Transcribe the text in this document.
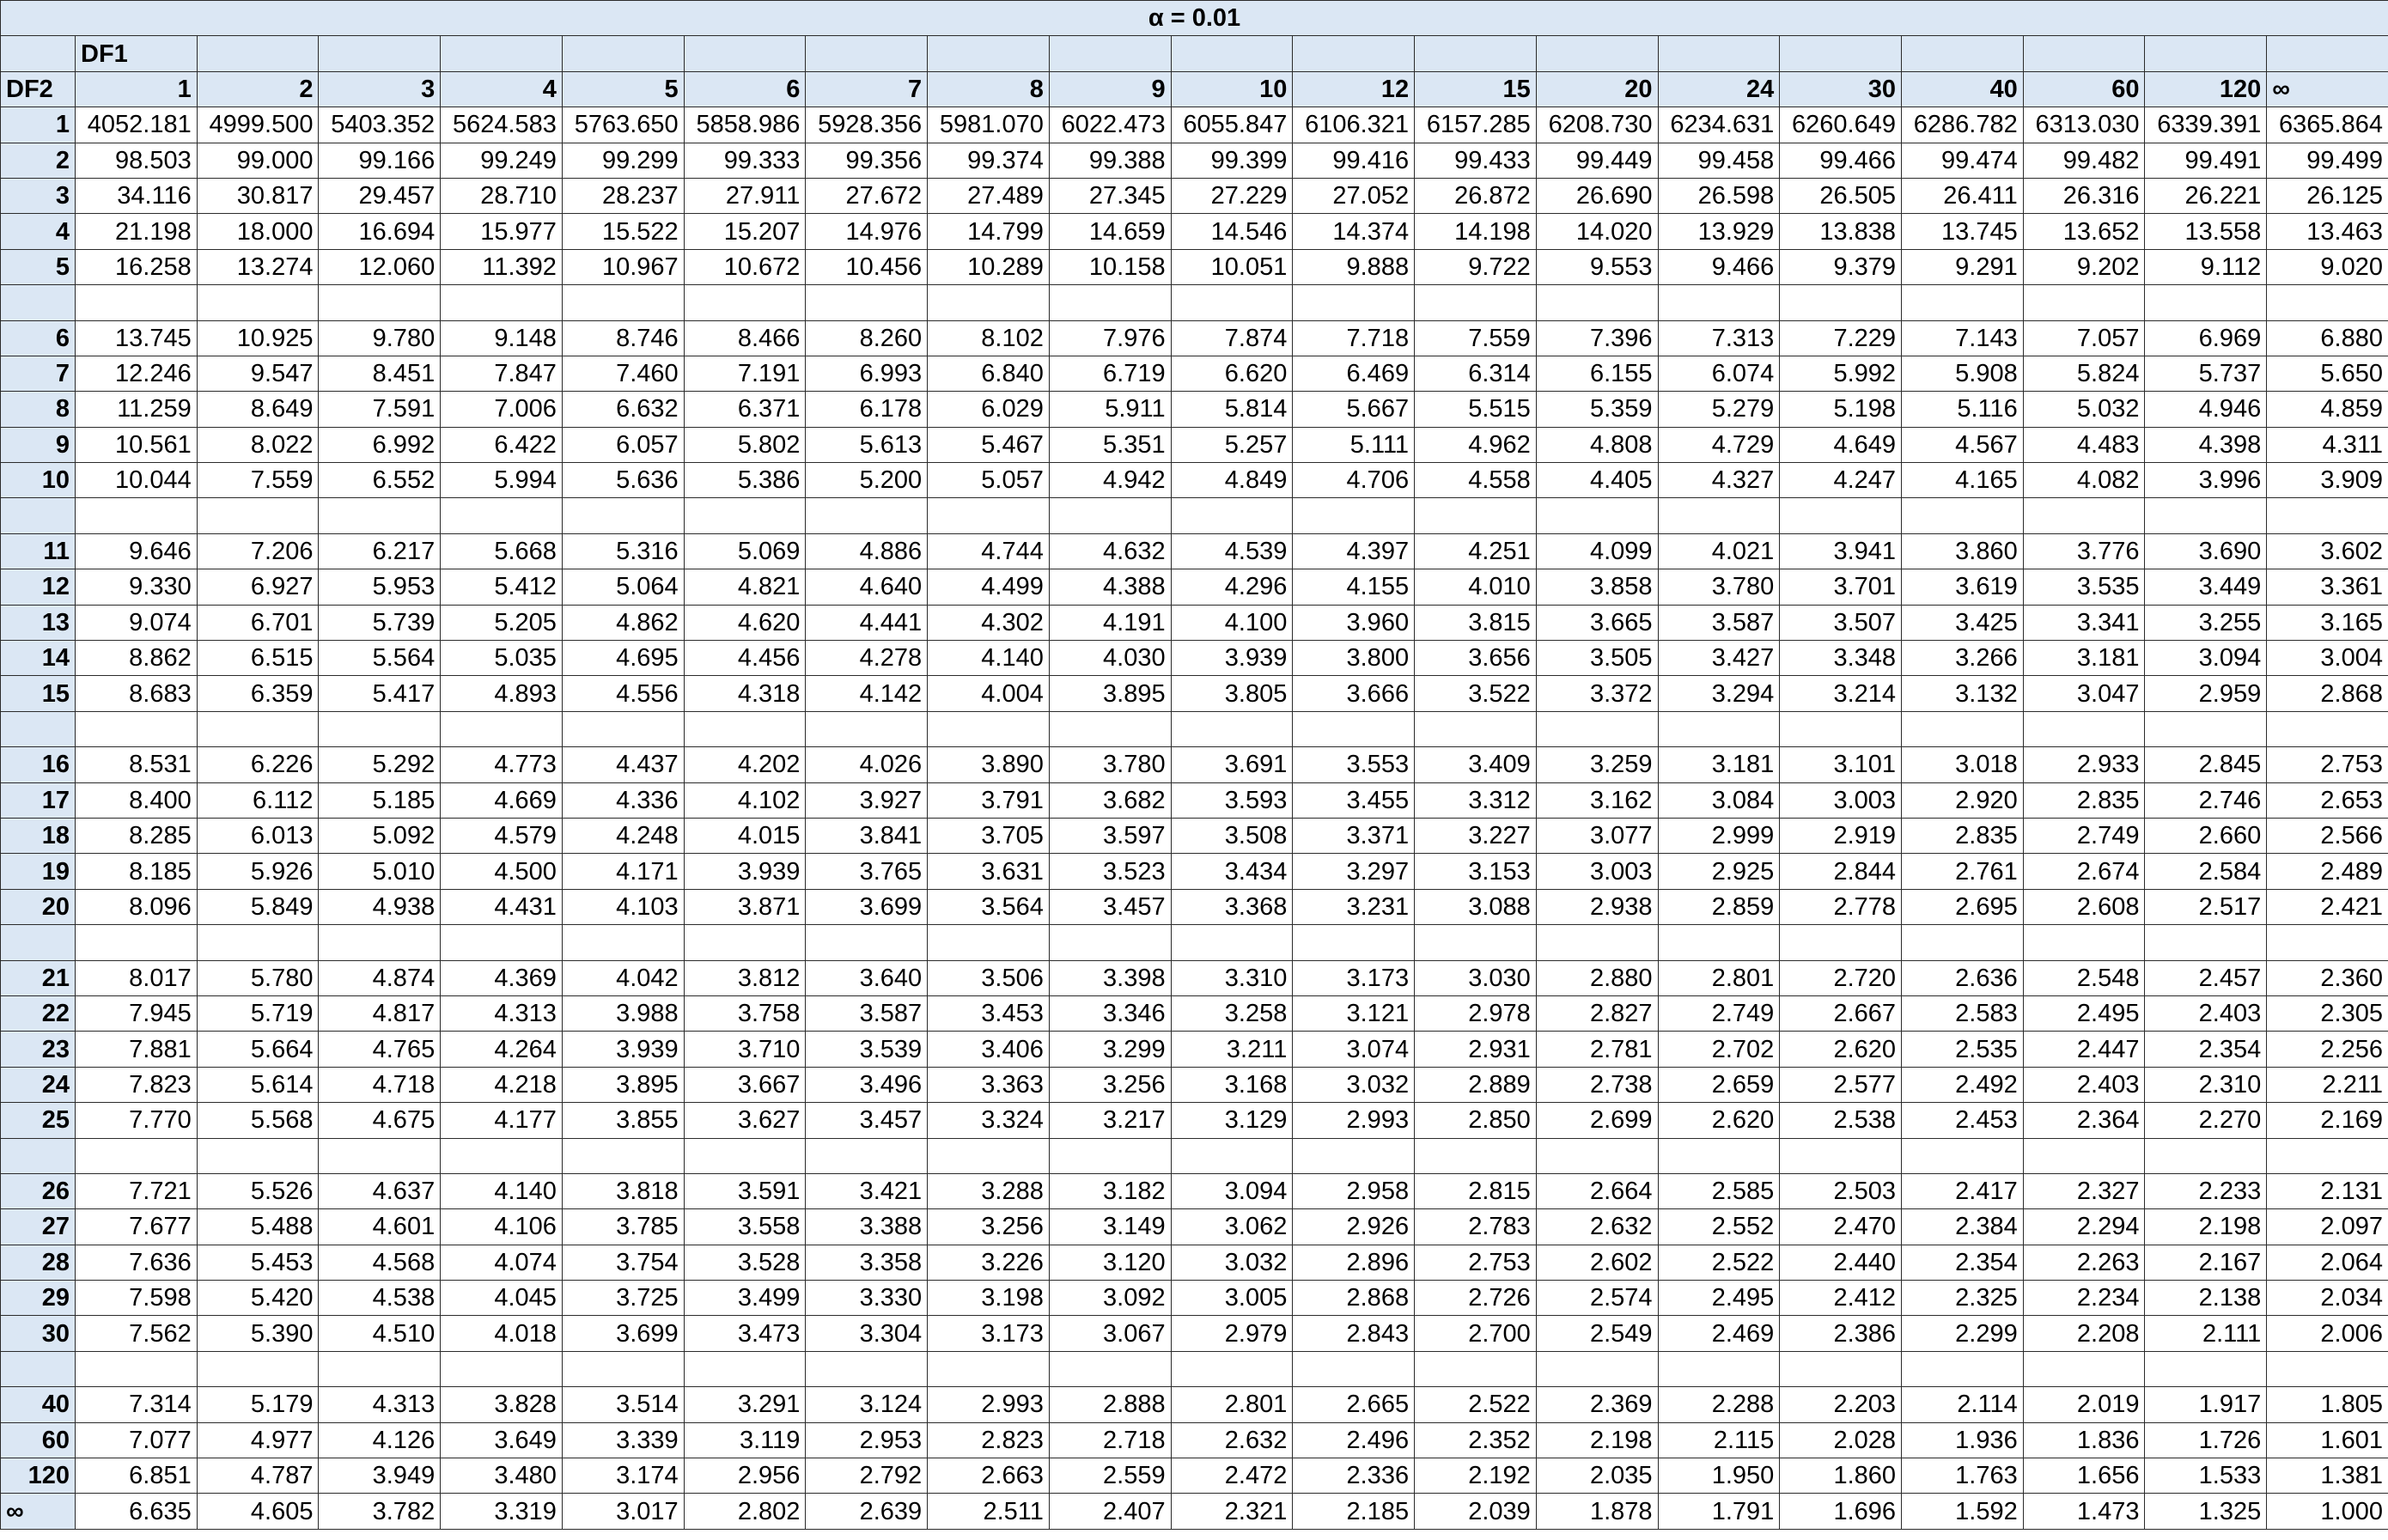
α = 0.01																			
	DF1																		
DF2	1	2	3	4	5	6	7	8	9	10	12	15	20	24	30	40	60	120	∞
1	4052.181	4999.500	5403.352	5624.583	5763.650	5858.986	5928.356	5981.070	6022.473	6055.847	6106.321	6157.285	6208.730	6234.631	6260.649	6286.782	6313.030	6339.391	6365.864
2	98.503	99.000	99.166	99.249	99.299	99.333	99.356	99.374	99.388	99.399	99.416	99.433	99.449	99.458	99.466	99.474	99.482	99.491	99.499
3	34.116	30.817	29.457	28.710	28.237	27.911	27.672	27.489	27.345	27.229	27.052	26.872	26.690	26.598	26.505	26.411	26.316	26.221	26.125
4	21.198	18.000	16.694	15.977	15.522	15.207	14.976	14.799	14.659	14.546	14.374	14.198	14.020	13.929	13.838	13.745	13.652	13.558	13.463
5	16.258	13.274	12.060	11.392	10.967	10.672	10.456	10.289	10.158	10.051	9.888	9.722	9.553	9.466	9.379	9.291	9.202	9.112	9.020

6	13.745	10.925	9.780	9.148	8.746	8.466	8.260	8.102	7.976	7.874	7.718	7.559	7.396	7.313	7.229	7.143	7.057	6.969	6.880
7	12.246	9.547	8.451	7.847	7.460	7.191	6.993	6.840	6.719	6.620	6.469	6.314	6.155	6.074	5.992	5.908	5.824	5.737	5.650
8	11.259	8.649	7.591	7.006	6.632	6.371	6.178	6.029	5.911	5.814	5.667	5.515	5.359	5.279	5.198	5.116	5.032	4.946	4.859
9	10.561	8.022	6.992	6.422	6.057	5.802	5.613	5.467	5.351	5.257	5.111	4.962	4.808	4.729	4.649	4.567	4.483	4.398	4.311
10	10.044	7.559	6.552	5.994	5.636	5.386	5.200	5.057	4.942	4.849	4.706	4.558	4.405	4.327	4.247	4.165	4.082	3.996	3.909

11	9.646	7.206	6.217	5.668	5.316	5.069	4.886	4.744	4.632	4.539	4.397	4.251	4.099	4.021	3.941	3.860	3.776	3.690	3.602
12	9.330	6.927	5.953	5.412	5.064	4.821	4.640	4.499	4.388	4.296	4.155	4.010	3.858	3.780	3.701	3.619	3.535	3.449	3.361
13	9.074	6.701	5.739	5.205	4.862	4.620	4.441	4.302	4.191	4.100	3.960	3.815	3.665	3.587	3.507	3.425	3.341	3.255	3.165
14	8.862	6.515	5.564	5.035	4.695	4.456	4.278	4.140	4.030	3.939	3.800	3.656	3.505	3.427	3.348	3.266	3.181	3.094	3.004
15	8.683	6.359	5.417	4.893	4.556	4.318	4.142	4.004	3.895	3.805	3.666	3.522	3.372	3.294	3.214	3.132	3.047	2.959	2.868

16	8.531	6.226	5.292	4.773	4.437	4.202	4.026	3.890	3.780	3.691	3.553	3.409	3.259	3.181	3.101	3.018	2.933	2.845	2.753
17	8.400	6.112	5.185	4.669	4.336	4.102	3.927	3.791	3.682	3.593	3.455	3.312	3.162	3.084	3.003	2.920	2.835	2.746	2.653
18	8.285	6.013	5.092	4.579	4.248	4.015	3.841	3.705	3.597	3.508	3.371	3.227	3.077	2.999	2.919	2.835	2.749	2.660	2.566
19	8.185	5.926	5.010	4.500	4.171	3.939	3.765	3.631	3.523	3.434	3.297	3.153	3.003	2.925	2.844	2.761	2.674	2.584	2.489
20	8.096	5.849	4.938	4.431	4.103	3.871	3.699	3.564	3.457	3.368	3.231	3.088	2.938	2.859	2.778	2.695	2.608	2.517	2.421

21	8.017	5.780	4.874	4.369	4.042	3.812	3.640	3.506	3.398	3.310	3.173	3.030	2.880	2.801	2.720	2.636	2.548	2.457	2.360
22	7.945	5.719	4.817	4.313	3.988	3.758	3.587	3.453	3.346	3.258	3.121	2.978	2.827	2.749	2.667	2.583	2.495	2.403	2.305
23	7.881	5.664	4.765	4.264	3.939	3.710	3.539	3.406	3.299	3.211	3.074	2.931	2.781	2.702	2.620	2.535	2.447	2.354	2.256
24	7.823	5.614	4.718	4.218	3.895	3.667	3.496	3.363	3.256	3.168	3.032	2.889	2.738	2.659	2.577	2.492	2.403	2.310	2.211
25	7.770	5.568	4.675	4.177	3.855	3.627	3.457	3.324	3.217	3.129	2.993	2.850	2.699	2.620	2.538	2.453	2.364	2.270	2.169

26	7.721	5.526	4.637	4.140	3.818	3.591	3.421	3.288	3.182	3.094	2.958	2.815	2.664	2.585	2.503	2.417	2.327	2.233	2.131
27	7.677	5.488	4.601	4.106	3.785	3.558	3.388	3.256	3.149	3.062	2.926	2.783	2.632	2.552	2.470	2.384	2.294	2.198	2.097
28	7.636	5.453	4.568	4.074	3.754	3.528	3.358	3.226	3.120	3.032	2.896	2.753	2.602	2.522	2.440	2.354	2.263	2.167	2.064
29	7.598	5.420	4.538	4.045	3.725	3.499	3.330	3.198	3.092	3.005	2.868	2.726	2.574	2.495	2.412	2.325	2.234	2.138	2.034
30	7.562	5.390	4.510	4.018	3.699	3.473	3.304	3.173	3.067	2.979	2.843	2.700	2.549	2.469	2.386	2.299	2.208	2.111	2.006

40	7.314	5.179	4.313	3.828	3.514	3.291	3.124	2.993	2.888	2.801	2.665	2.522	2.369	2.288	2.203	2.114	2.019	1.917	1.805
60	7.077	4.977	4.126	3.649	3.339	3.119	2.953	2.823	2.718	2.632	2.496	2.352	2.198	2.115	2.028	1.936	1.836	1.726	1.601
120	6.851	4.787	3.949	3.480	3.174	2.956	2.792	2.663	2.559	2.472	2.336	2.192	2.035	1.950	1.860	1.763	1.656	1.533	1.381
∞	6.635	4.605	3.782	3.319	3.017	2.802	2.639	2.511	2.407	2.321	2.185	2.039	1.878	1.791	1.696	1.592	1.473	1.325	1.000
